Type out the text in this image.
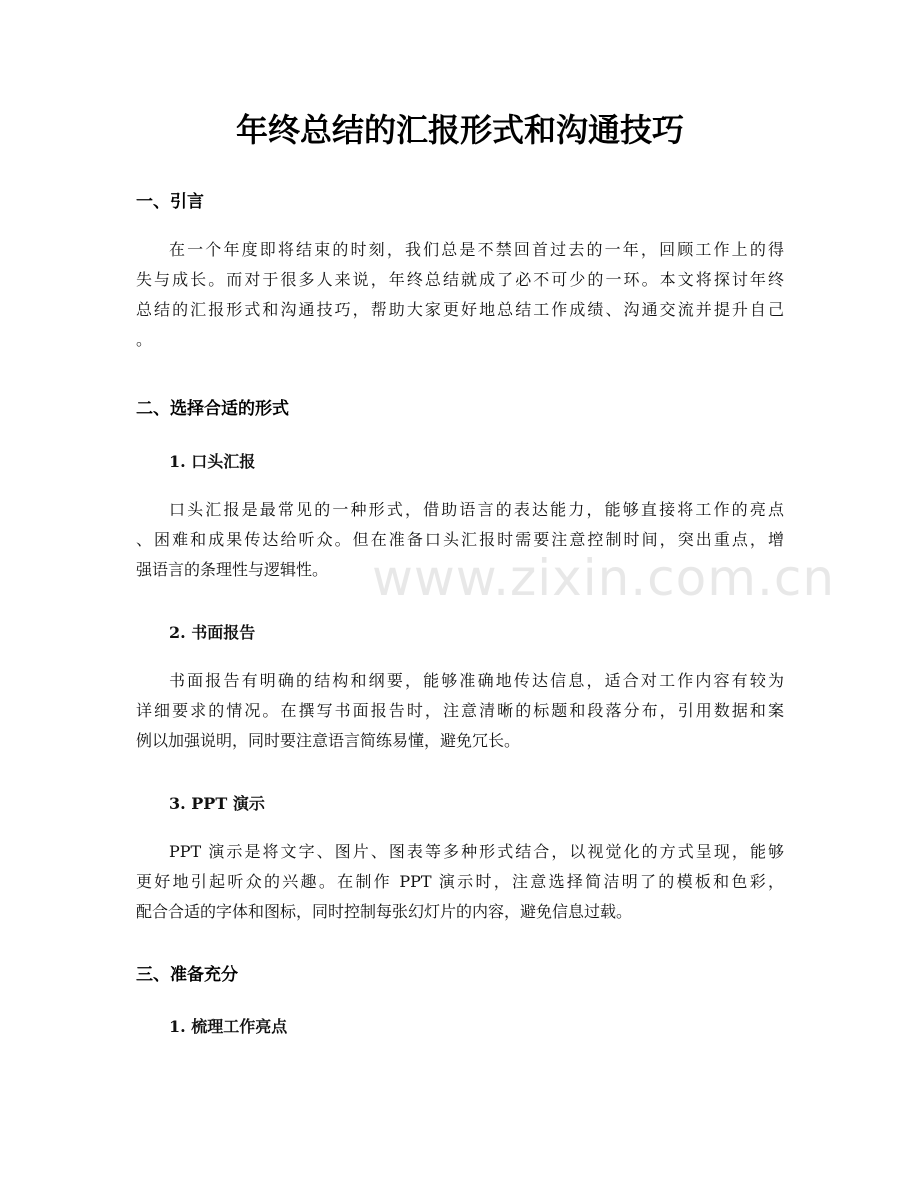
年终总结的汇报形式和沟通技巧
一、引言
在一个年度即将结束的时刻，我们总是不禁回首过去的一年，回顾工作上的得
失与成长。而对于很多人来说，年终总结就成了必不可少的一环。本文将探讨年终
总结的汇报形式和沟通技巧，帮助大家更好地总结工作成绩、沟通交流并提升自己
。
二、选择合适的形式
1. 口头汇报
口头汇报是最常见的一种形式，借助语言的表达能力，能够直接将工作的亮点
、困难和成果传达给听众。但在准备口头汇报时需要注意控制时间，突出重点，增
强语言的条理性与逻辑性。
2. 书面报告
书面报告有明确的结构和纲要，能够准确地传达信息，适合对工作内容有较为
详细要求的情况。在撰写书面报告时，注意清晰的标题和段落分布，引用数据和案
例以加强说明，同时要注意语言简练易懂，避免冗长。
3. PPT 演示
PPT 演示是将文字、图片、图表等多种形式结合，以视觉化的方式呈现，能够
更好地引起听众的兴趣。在制作 PPT 演示时，注意选择简洁明了的模板和色彩，
配合合适的字体和图标，同时控制每张幻灯片的内容，避免信息过载。
三、准备充分
1. 梳理工作亮点
www.zixin.com.cn
